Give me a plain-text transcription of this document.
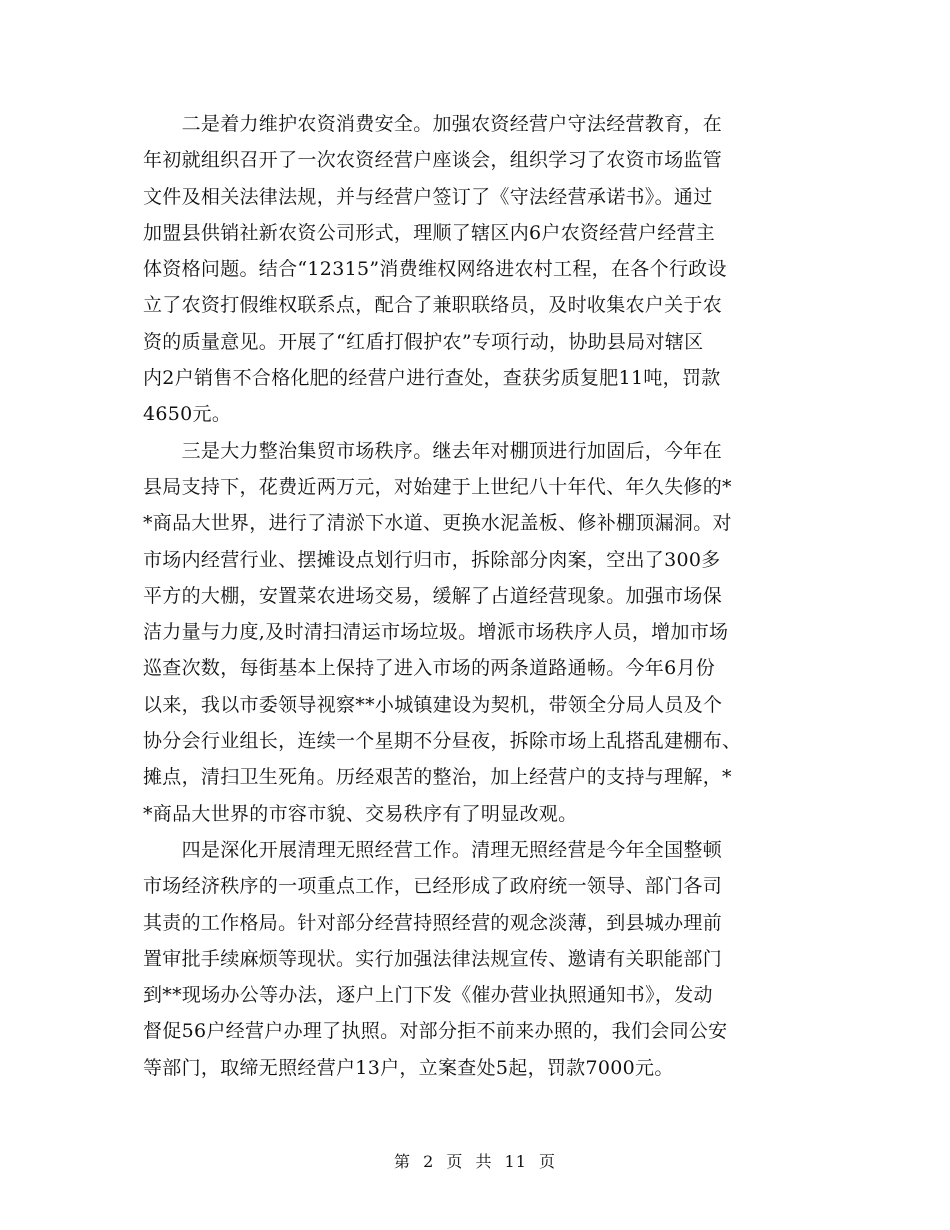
　　二是着力维护农资消费安全。加强农资经营户守法经营教育，在
年初就组织召开了一次农资经营户座谈会，组织学习了农资市场监管
文件及相关法律法规，并与经营户签订了《守法经营承诺书》。通过
加盟县供销社新农资公司形式，理顺了辖区内6户农资经营户经营主
体资格问题。结合“12315”消费维权网络进农村工程，在各个行政设
立了农资打假维权联系点，配合了兼职联络员，及时收集农户关于农
资的质量意见。开展了“红盾打假护农”专项行动，协助县局对辖区
内2户销售不合格化肥的经营户进行查处，查获劣质复肥11吨，罚款
4650元。

　　三是大力整治集贸市场秩序。继去年对棚顶进行加固后，今年在
县局支持下，花费近两万元，对始建于上世纪八十年代、年久失修的*
*商品大世界，进行了清淤下水道、更换水泥盖板、修补棚顶漏洞。对
市场内经营行业、摆摊设点划行归市，拆除部分肉案，空出了300多
平方的大棚，安置菜农进场交易，缓解了占道经营现象。加强市场保
洁力量与力度,及时清扫清运市场垃圾。增派市场秩序人员，增加市场
巡查次数，每街基本上保持了进入市场的两条道路通畅。今年6月份
以来，我以市委领导视察**小城镇建设为契机，带领全分局人员及个
协分会行业组长，连续一个星期不分昼夜，拆除市场上乱搭乱建棚布、
摊点，清扫卫生死角。历经艰苦的整治，加上经营户的支持与理解，*
*商品大世界的市容市貌、交易秩序有了明显改观。

　　四是深化开展清理无照经营工作。清理无照经营是今年全国整顿
市场经济秩序的一项重点工作，已经形成了政府统一领导、部门各司
其责的工作格局。针对部分经营持照经营的观念淡薄，到县城办理前
置审批手续麻烦等现状。实行加强法律法规宣传、邀请有关职能部门
到**现场办公等办法，逐户上门下发《催办营业执照通知书》，发动
督促56户经营户办理了执照。对部分拒不前来办照的，我们会同公安
等部门，取缔无照经营户13户，立案查处5起，罚款7000元。

第 2 页 共 11 页
